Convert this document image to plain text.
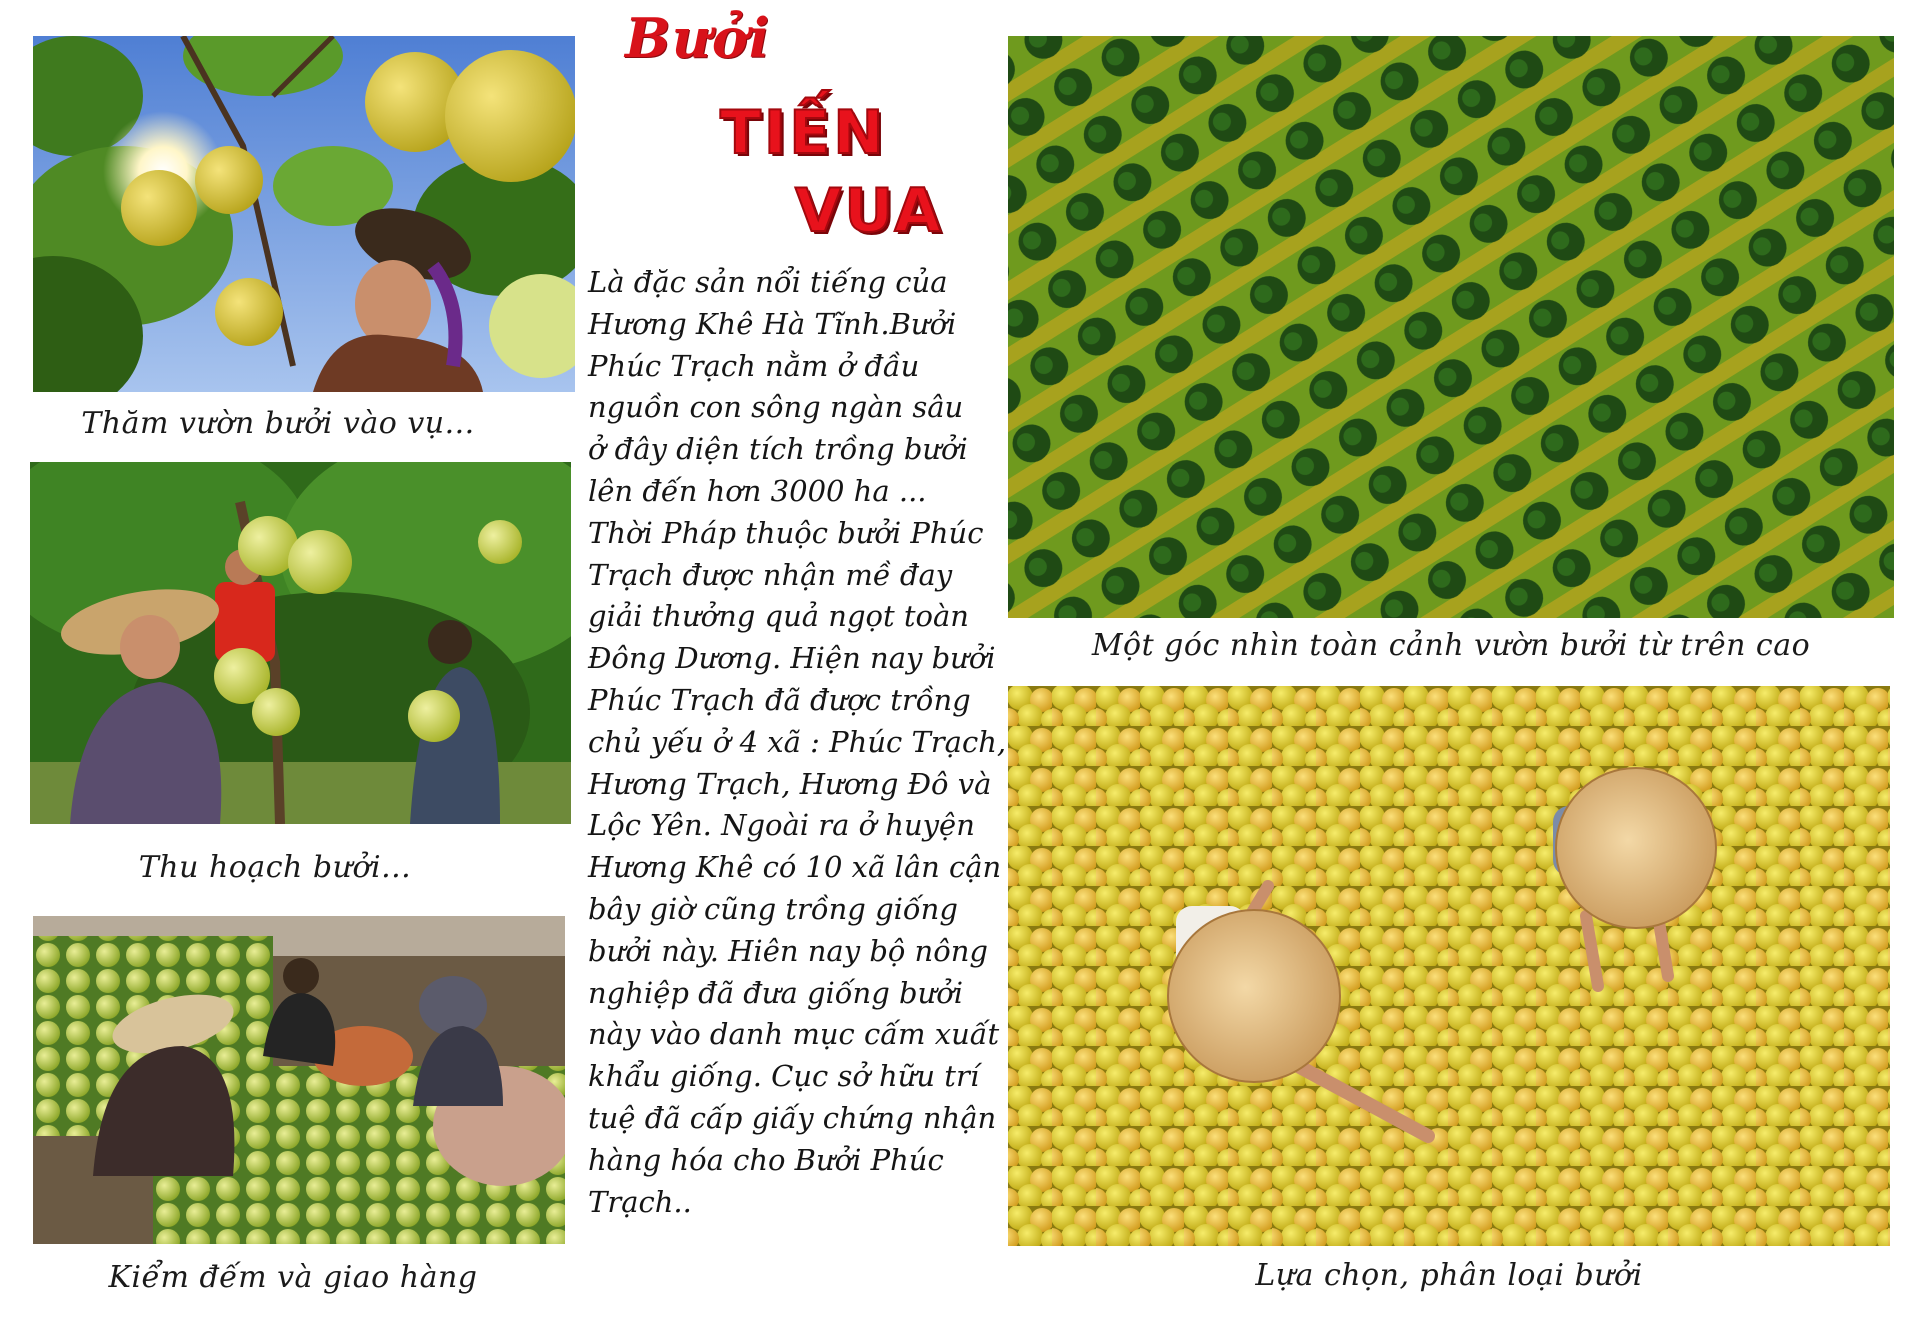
Thăm vườn bưởi vào vụ...
Thu hoạch bưởi...
Kiểm đếm và giao hàng
Bưởi
TIẾN
VUA
Là đặc sản nổi tiếng của
Hương Khê Hà Tĩnh.Bưởi
Phúc Trạch nằm ở đầu
nguồn con sông ngàn sâu
ở đây diện tích trồng bưởi
lên đến hơn 3000 ha ...
Thời Pháp thuộc bưởi Phúc
Trạch được nhận mề đay
giải thưởng quả ngọt toàn
Đông Dương. Hiện nay bưởi
Phúc Trạch đã được trồng
chủ yếu ở 4 xã : Phúc Trạch,
Hương Trạch, Hương Đô và
Lộc Yên. Ngoài ra ở huyện
Hương Khê có 10 xã lân cận
bây giờ cũng trồng giống
bưởi này. Hiên nay bộ nông
nghiệp đã đưa giống bưởi
này vào danh mục cấm xuất
khẩu giống. Cục sở hữu trí
tuệ đã cấp giấy chứng nhận
hàng hóa cho Bưởi Phúc
Trạch..
Một góc nhìn toàn cảnh vườn bưởi từ trên cao
Lựa chọn, phân loại bưởi
